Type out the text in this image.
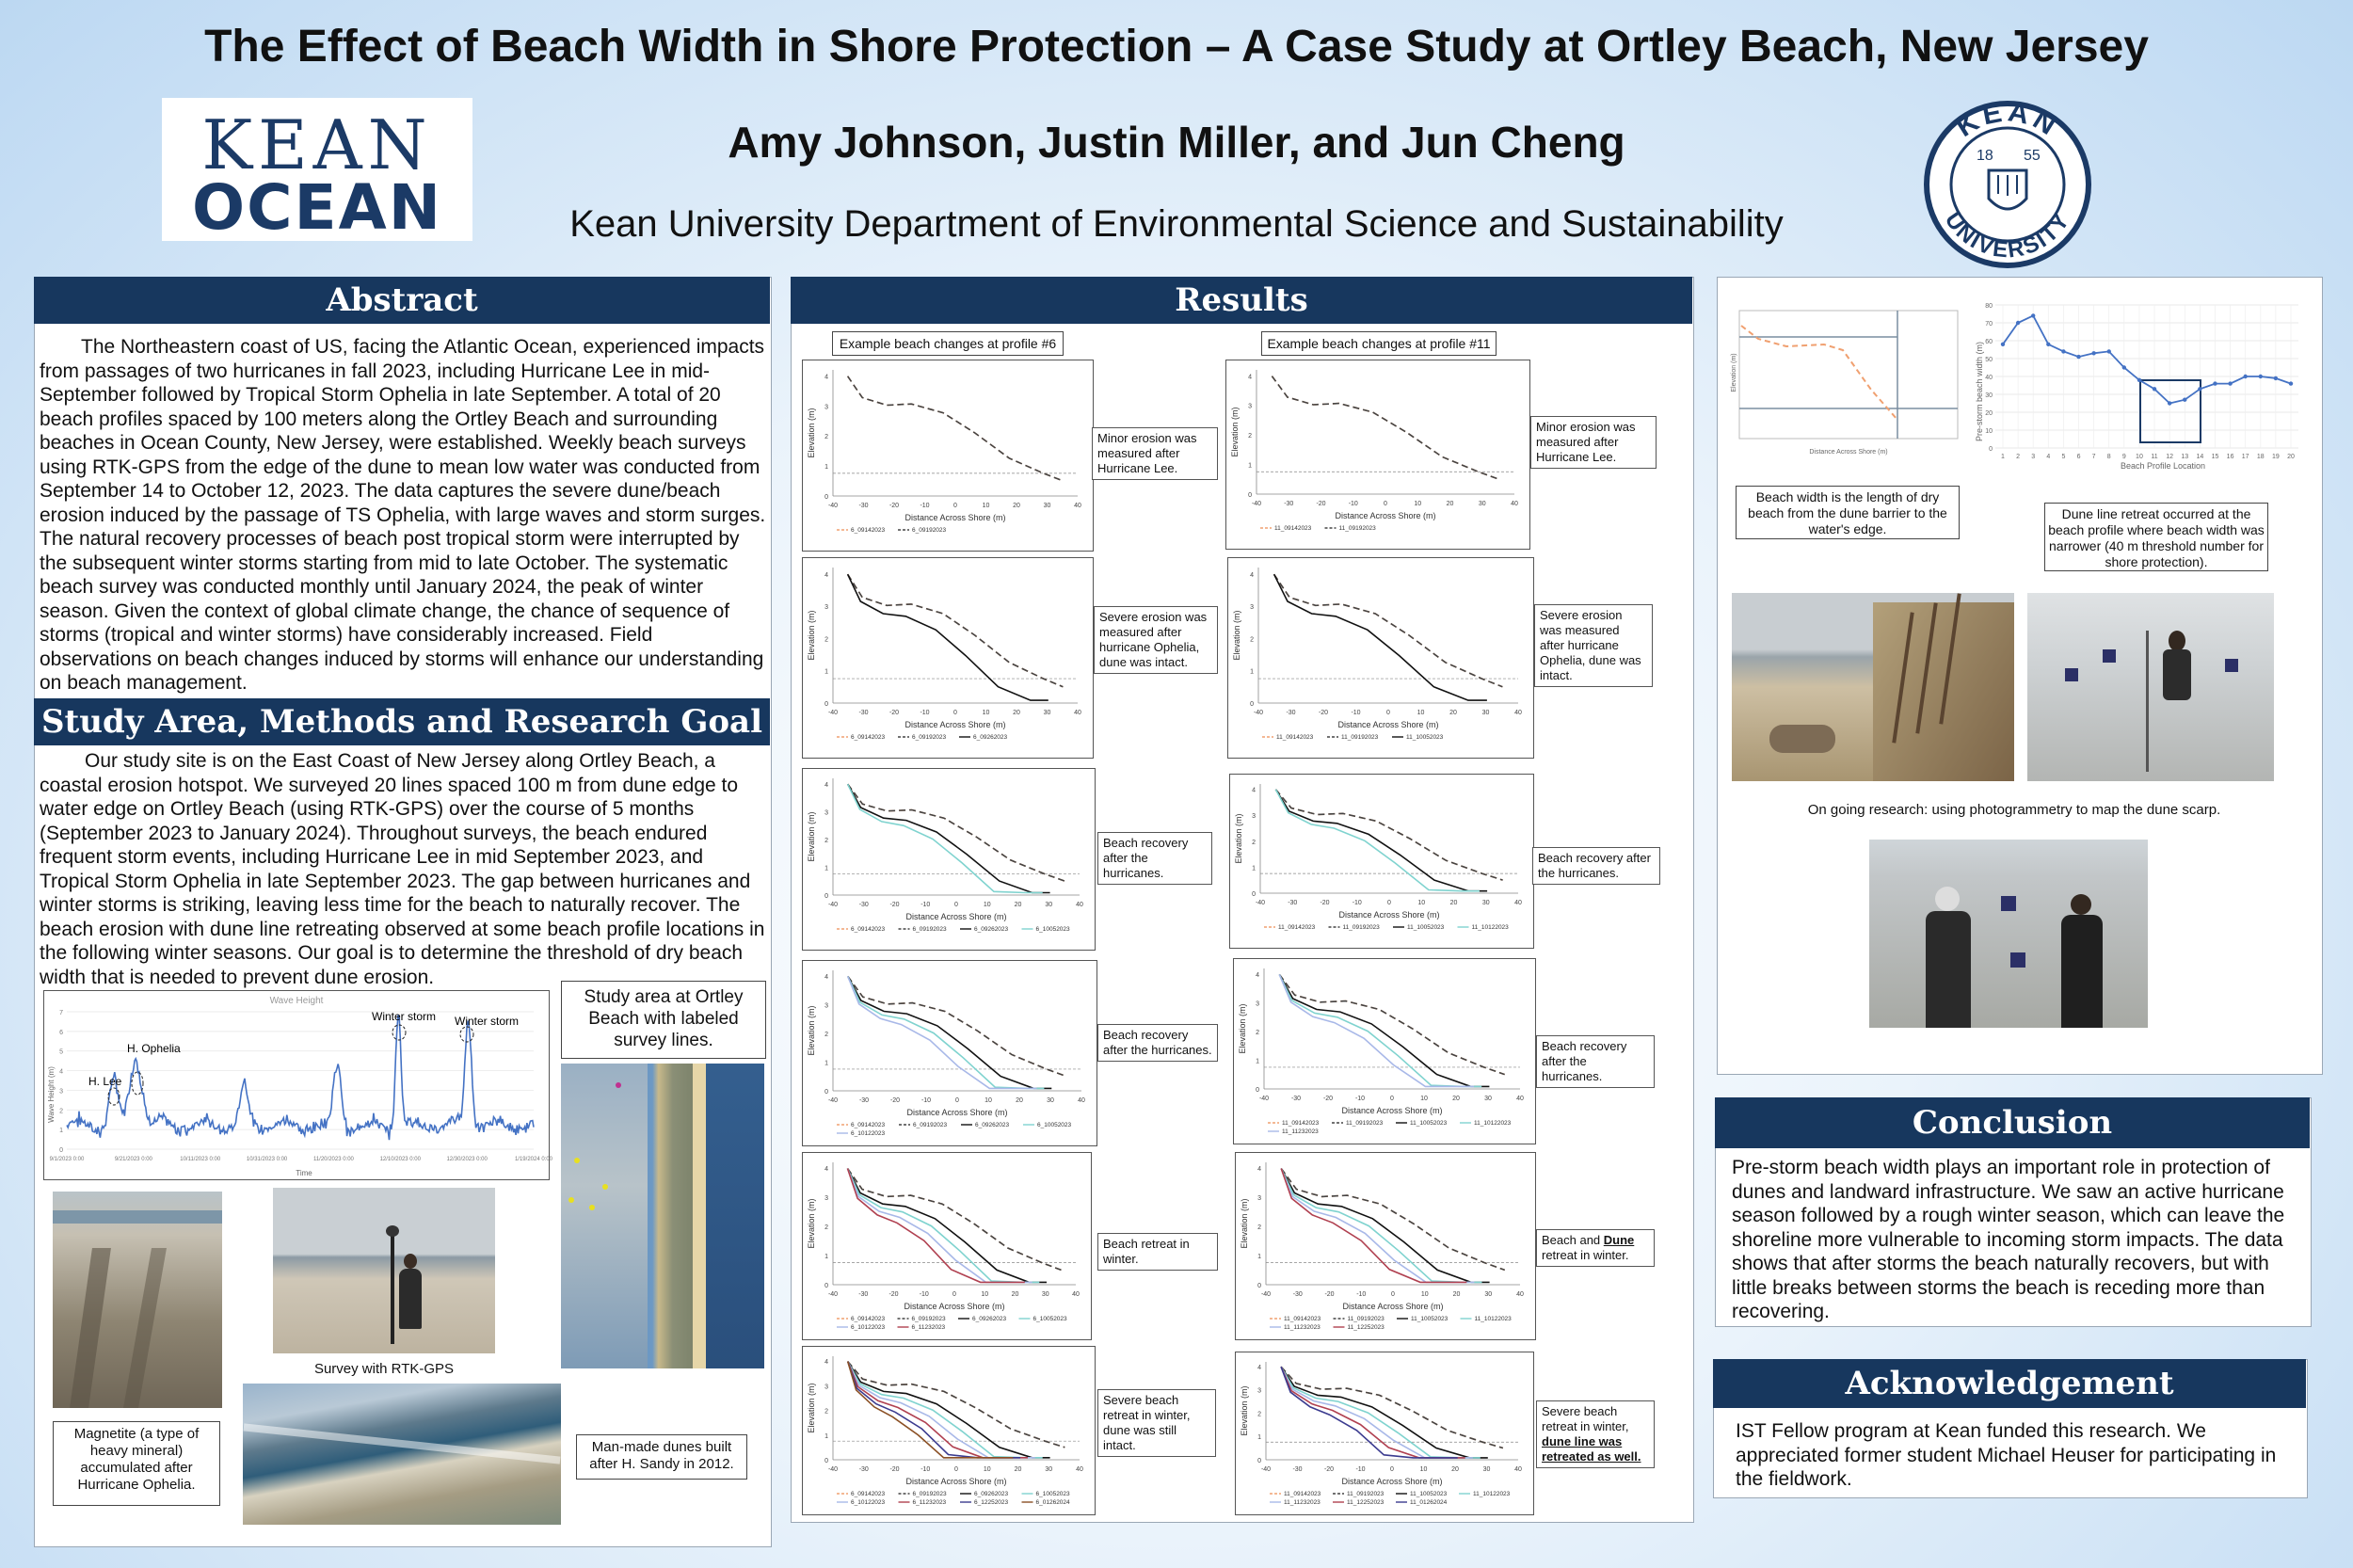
The Effect of Beach Width in Shore Protection – A Case Study at Ortley Beach, New Jersey
Amy Johnson, Justin Miller, and Jun Cheng
Kean University Department of Environmental Science and Sustainability
KEAN
OCEAN
KEAN
UNIVERSITY
18 55
Abstract
The Northeastern coast of US, facing the Atlantic Ocean, experienced impacts from passages of two hurricanes in fall 2023, including Hurricane Lee in mid-September followed by Tropical Storm Ophelia in late September. A total of 20 beach profiles spaced by 100 meters along the Ortley Beach and surrounding beaches in Ocean County, New Jersey, were established. Weekly beach surveys using RTK-GPS from the edge of the dune to mean low water was conducted from September 14 to October 12, 2023. The data captures the severe dune/beach erosion induced by the passage of TS Ophelia, with large waves and storm surges. The natural recovery processes of beach post tropical storm were interrupted by the subsequent winter storms starting from mid to late October. The systematic beach survey was conducted monthly until January 2024, the peak of winter season. Given the context of global climate change, the chance of sequence of storms (tropical and winter storms) have considerably increased. Field observations on beach changes induced by storms will enhance our understanding on beach management.
Study Area, Methods and Research Goal
Our study site is on the East Coast of New Jersey along Ortley Beach, a coastal erosion hotspot. We surveyed 20 lines spaced 100 m from dune edge to water edge on Ortley Beach (using RTK-GPS) over the course of 5 months (September 2023 to January 2024). Throughout surveys, the beach endured frequent storm events, including Hurricane Lee in mid September 2023, and Tropical Storm Ophelia in late September 2023. The gap between hurricanes and winter storms is striking, leaving less time for the beach to naturally recover. The beach erosion with dune line retreating observed at some beach profile locations in the following winter seasons. Our goal is to determine the threshold of dry beach width that is needed to prevent dune erosion.
Wave Height
Wave Height (m)
Time
0
1
2
3
4
5
6
7
9/1/2023 0:00	9/21/2023 0:00	10/11/2023 0:00	10/31/2023 0:00	11/20/2023 0:00	12/10/2023 0:00	12/30/2023 0:00	1/19/2024 0:00
H. Lee
H. Ophelia
Winter storm Winter storm
Study area at Ortley Beach with labeled survey lines.
Survey with RTK-GPS
Magnetite (a type of heavy mineral) accumulated after Hurricane Ophelia.
Man-made dunes built after H. Sandy in 2012.
Results
Example beach changes at profile #6	Example beach changes at profile #11
-40	-30	-20	-10	0	10	20	30	40
0
1
2
3
4
Distance Across Shore (m)
Elevation (m)
6_09142023	6_09192023
-40	-30	-20	-10	0	10	20	30	40
0
1
2
3
4
Distance Across Shore (m)
Elevation (m)
6_09142023	6_09192023	6_09262023
-40	-30	-20	-10	0	10	20	30	40
0
1
2
3
4
Distance Across Shore (m)
Elevation (m)
6_09142023	6_09192023	6_09262023	6_10052023
-40	-30	-20	-10	0	10	20	30	40
0
1
2
3
4
Distance Across Shore (m)
Elevation (m)
6_09142023	6_09192023	6_09262023	6_10052023
6_10122023
-40	-30	-20	-10	0	10	20	30	40
0
1
2
3
4
Distance Across Shore (m)
Elevation (m)
6_09142023	6_09192023	6_09262023	6_10052023
6_10122023	6_11232023
-40	-30	-20	-10	0	10	20	30	40
0
1
2
3
4
Distance Across Shore (m)
Elevation (m)
6_09142023	6_09192023	6_09262023	6_10052023
6_10122023	6_11232023	6_12252023	6_01262024
-40	-30	-20	-10	0	10	20	30	40
0
1
2
3
4
Distance Across Shore (m)
Elevation (m)
11_09142023	11_09192023
-40	-30	-20	-10	0	10	20	30	40
0
1
2
3
4
Distance Across Shore (m)
Elevation (m)
11_09142023	11_09192023	11_10052023
-40	-30	-20	-10	0	10	20	30	40
0
1
2
3
4
Distance Across Shore (m)
Elevation (m)
11_09142023	11_09192023	11_10052023	11_10122023
-40	-30	-20	-10	0	10	20	30	40
0
1
2
3
4
Distance Across Shore (m)
Elevation (m)
11_09142023	11_09192023	11_10052023	11_10122023
11_11232023
-40	-30	-20	-10	0	10	20	30	40
0
1
2
3
4
Distance Across Shore (m)
Elevation (m)
11_09142023	11_09192023	11_10052023	11_10122023
11_11232023	11_12252023
-40	-30	-20	-10	0	10	20	30	40
0
1
2
3
4
Distance Across Shore (m)
Elevation (m)
11_09142023	11_09192023	11_10052023	11_10122023
11_11232023	11_12252023	11_01262024
Minor erosion was measured after Hurricane Lee.
Severe erosion was measured after hurricane Ophelia, dune was intact.
Beach recovery after the hurricanes.
Beach recovery after the hurricanes.
Beach retreat in winter.
Severe beach retreat in winter, dune was still intact.
Minor erosion was measured after Hurricane Lee.
Severe erosion was measured after hurricane Ophelia, dune was intact.
Beach recovery after the hurricanes.
Beach recovery after the hurricanes.
Beach and Dune retreat in winter.
Severe beach retreat in winter, dune line was retreated as well.
Elevation (m)
Distance Across Shore (m)
Beach width is the length of dry beach from the dune barrier to the water's edge.
Pre-storm beach width (m)
Beach Profile Location
0
10
20
30
40
50
60
70
80
1 2 3 4 5 6 7 8 9 10 11 12 13 14 15 16 17 18 19 20
Dune line retreat occurred at the beach profile where beach width was narrower (40 m threshold number for shore protection).
On going research: using photogrammetry to map the dune scarp.
Conclusion
Pre-storm beach width plays an important role in protection of dunes and landward infrastructure. We saw an active hurricane season followed by a rough winter season, which can leave the shoreline more vulnerable to incoming storm impacts. The data shows that after storms the beach naturally recovers, but with little breaks between storms the beach is receding more than recovering.
Acknowledgement
IST Fellow program at Kean funded this research. We appreciated former student Michael Heuser for participating in the fieldwork.
